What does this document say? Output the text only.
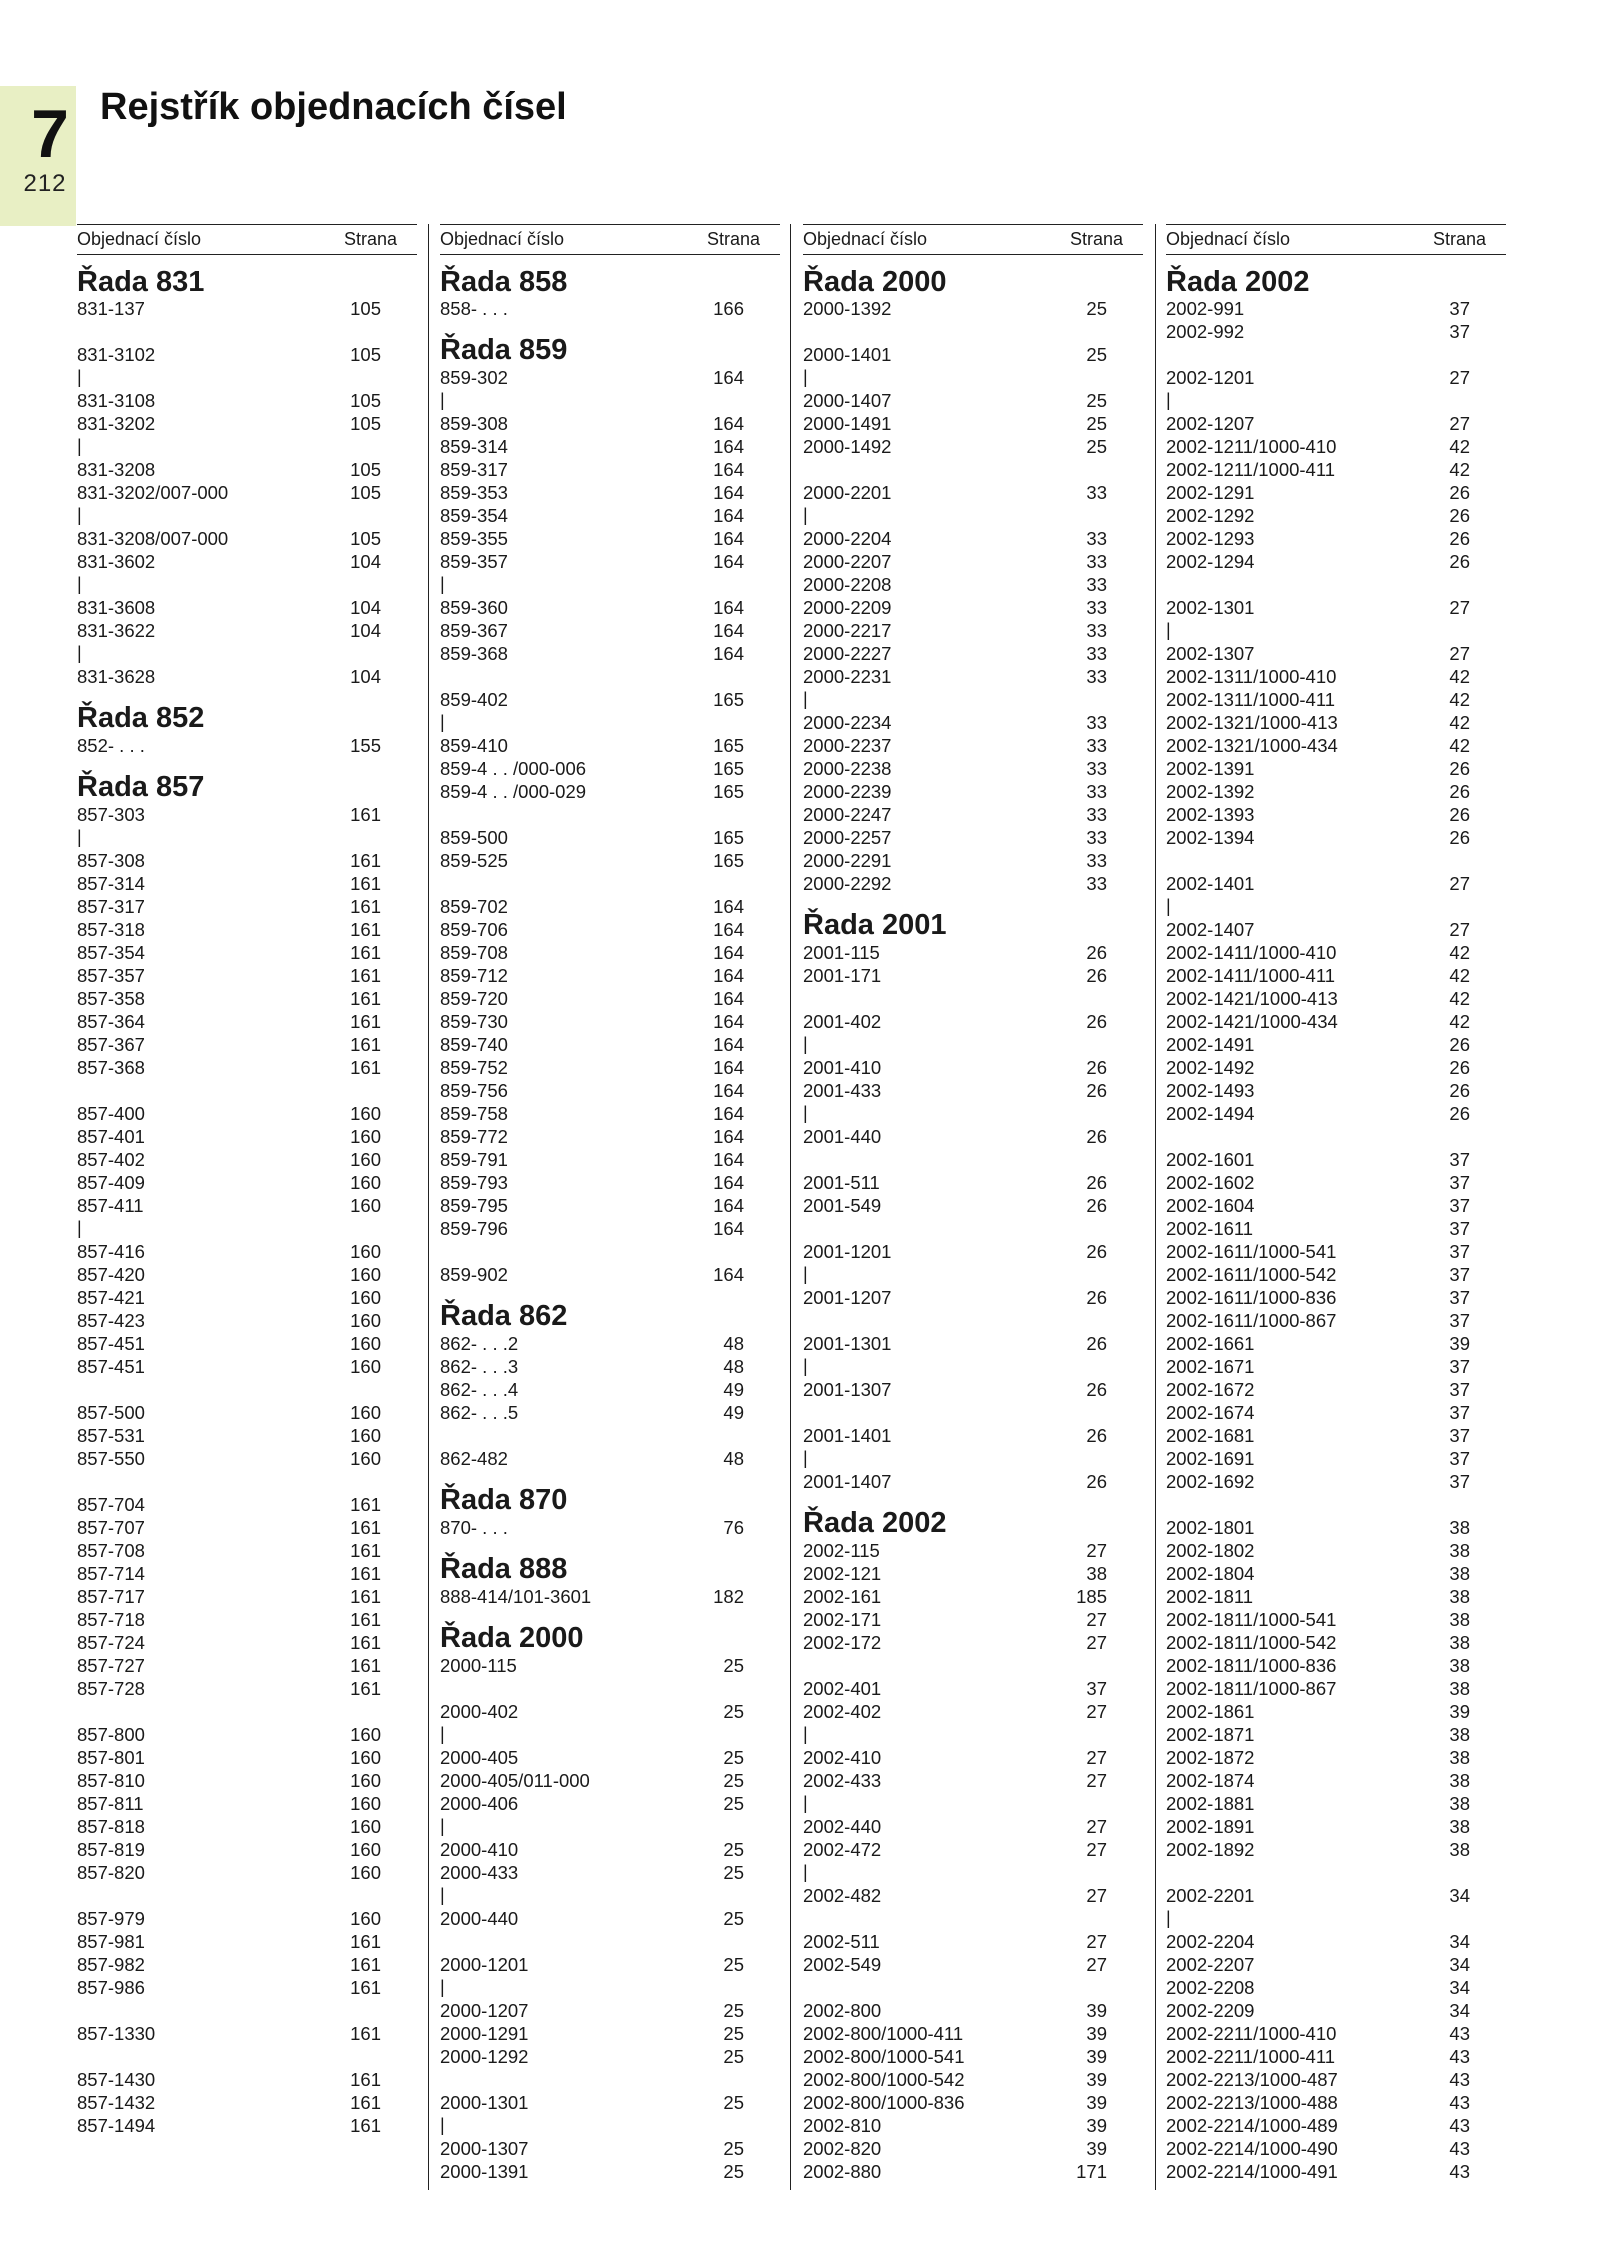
7
212
Rejstřík objednacích čísel
Objednací číslo	Strana
Řada 831
831-137	105
831-3102	105
|
831-3108	105
831-3202	105
|
831-3208	105
831-3202/007-000	105
|
831-3208/007-000	105
831-3602	104
|
831-3608	104
831-3622	104
|
831-3628	104
Řada 852
852- . . .	155
Řada 857
857-303	161
|
857-308	161
857-314	161
857-317	161
857-318	161
857-354	161
857-357	161
857-358	161
857-364	161
857-367	161
857-368	161
857-400	160
857-401	160
857-402	160
857-409	160
857-411	160
|
857-416	160
857-420	160
857-421	160
857-423	160
857-451	160
857-451	160
857-500	160
857-531	160
857-550	160
857-704	161
857-707	161
857-708	161
857-714	161
857-717	161
857-718	161
857-724	161
857-727	161
857-728	161
857-800	160
857-801	160
857-810	160
857-811	160
857-818	160
857-819	160
857-820	160
857-979	160
857-981	161
857-982	161
857-986	161
857-1330	161
857-1430	161
857-1432	161
857-1494	161
Objednací číslo	Strana
Řada 858
858- . . .	166
Řada 859
859-302	164
|
859-308	164
859-314	164
859-317	164
859-353	164
859-354	164
859-355	164
859-357	164
|
859-360	164
859-367	164
859-368	164
859-402	165
|
859-410	165
859-4 . . /000-006	165
859-4 . . /000-029	165
859-500	165
859-525	165
859-702	164
859-706	164
859-708	164
859-712	164
859-720	164
859-730	164
859-740	164
859-752	164
859-756	164
859-758	164
859-772	164
859-791	164
859-793	164
859-795	164
859-796	164
859-902	164
Řada 862
862- . . .2	48
862- . . .3	48
862- . . .4	49
862- . . .5	49
862-482	48
Řada 870
870- . . .	76
Řada 888
888-414/101-3601	182
Řada 2000
2000-115	25
2000-402	25
|
2000-405	25
2000-405/011-000	25
2000-406	25
|
2000-410	25
2000-433	25
|
2000-440	25
2000-1201	25
|
2000-1207	25
2000-1291	25
2000-1292	25
2000-1301	25
|
2000-1307	25
2000-1391	25
Objednací číslo	Strana
Řada 2000
2000-1392	25
2000-1401	25
|
2000-1407	25
2000-1491	25
2000-1492	25
2000-2201	33
|
2000-2204	33
2000-2207	33
2000-2208	33
2000-2209	33
2000-2217	33
2000-2227	33
2000-2231	33
|
2000-2234	33
2000-2237	33
2000-2238	33
2000-2239	33
2000-2247	33
2000-2257	33
2000-2291	33
2000-2292	33
Řada 2001
2001-115	26
2001-171	26
2001-402	26
|
2001-410	26
2001-433	26
|
2001-440	26
2001-511	26
2001-549	26
2001-1201	26
|
2001-1207	26
2001-1301	26
|
2001-1307	26
2001-1401	26
|
2001-1407	26
Řada 2002
2002-115	27
2002-121	38
2002-161	185
2002-171	27
2002-172	27
2002-401	37
2002-402	27
|
2002-410	27
2002-433	27
|
2002-440	27
2002-472	27
|
2002-482	27
2002-511	27
2002-549	27
2002-800	39
2002-800/1000-411	39
2002-800/1000-541	39
2002-800/1000-542	39
2002-800/1000-836	39
2002-810	39
2002-820	39
2002-880	171
Objednací číslo	Strana
Řada 2002
2002-991	37
2002-992	37
2002-1201	27
|
2002-1207	27
2002-1211/1000-410	42
2002-1211/1000-411	42
2002-1291	26
2002-1292	26
2002-1293	26
2002-1294	26
2002-1301	27
|
2002-1307	27
2002-1311/1000-410	42
2002-1311/1000-411	42
2002-1321/1000-413	42
2002-1321/1000-434	42
2002-1391	26
2002-1392	26
2002-1393	26
2002-1394	26
2002-1401	27
|
2002-1407	27
2002-1411/1000-410	42
2002-1411/1000-411	42
2002-1421/1000-413	42
2002-1421/1000-434	42
2002-1491	26
2002-1492	26
2002-1493	26
2002-1494	26
2002-1601	37
2002-1602	37
2002-1604	37
2002-1611	37
2002-1611/1000-541	37
2002-1611/1000-542	37
2002-1611/1000-836	37
2002-1611/1000-867	37
2002-1661	39
2002-1671	37
2002-1672	37
2002-1674	37
2002-1681	37
2002-1691	37
2002-1692	37
2002-1801	38
2002-1802	38
2002-1804	38
2002-1811	38
2002-1811/1000-541	38
2002-1811/1000-542	38
2002-1811/1000-836	38
2002-1811/1000-867	38
2002-1861	39
2002-1871	38
2002-1872	38
2002-1874	38
2002-1881	38
2002-1891	38
2002-1892	38
2002-2201	34
|
2002-2204	34
2002-2207	34
2002-2208	34
2002-2209	34
2002-2211/1000-410	43
2002-2211/1000-411	43
2002-2213/1000-487	43
2002-2213/1000-488	43
2002-2214/1000-489	43
2002-2214/1000-490	43
2002-2214/1000-491	43
